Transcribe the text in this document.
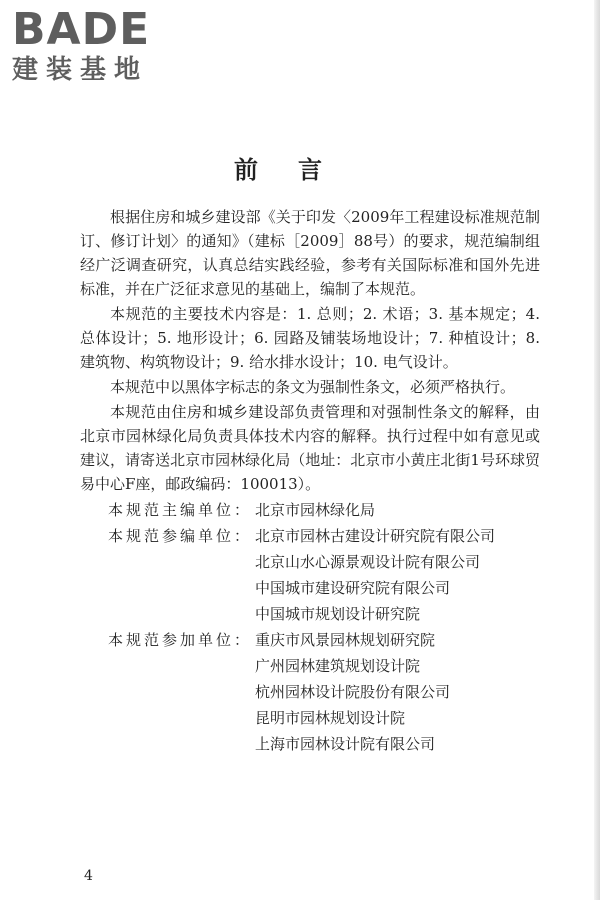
BADE
建装基地
前言

根据住房和城乡建设部《关于印发〈2009年工程建设标准规范制订、修订计划〉的通知》（建标［2009］88号）的要求，规范编制组经广泛调查研究，认真总结实践经验，参考有关国际标准和国外先进标准，并在广泛征求意见的基础上，编制了本规范。

本规范的主要技术内容是：1. 总则；2. 术语；3. 基本规定；4. 总体设计；5. 地形设计；6. 园路及铺装场地设计；7. 种植设计；8. 建筑物、构筑物设计；9. 给水排水设计；10. 电气设计。

本规范中以黑体字标志的条文为强制性条文，必须严格执行。

本规范由住房和城乡建设部负责管理和对强制性条文的解释，由北京市园林绿化局负责具体技术内容的解释。执行过程中如有意见或建议，请寄送北京市园林绿化局（地址：北京市小黄庄北街1号环球贸易中心F座，邮政编码：100013）。

本规范主编单位： 北京市园林绿化局
本规范参编单位： 北京市园林古建设计研究院有限公司
北京山水心源景观设计院有限公司
中国城市建设研究院有限公司
中国城市规划设计研究院
本规范参加单位： 重庆市风景园林规划研究院
广州园林建筑规划设计院
杭州园林设计院股份有限公司
昆明市园林规划设计院
上海市园林设计院有限公司
4
